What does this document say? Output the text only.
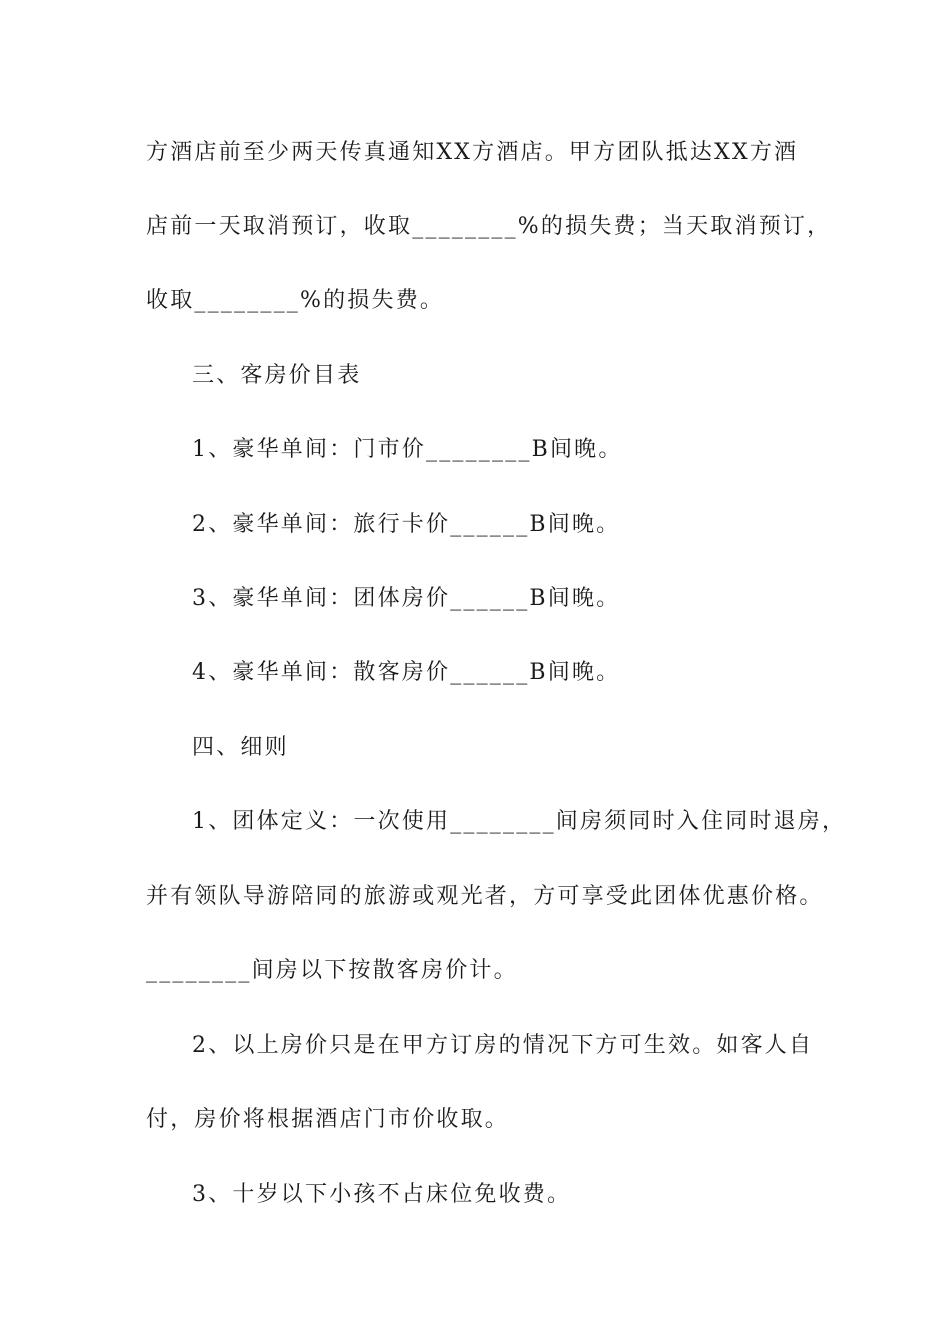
方酒店前至少两天传真通知XX方酒店。甲方团队抵达XX方酒
店前一天取消预订，收取________%的损失费；当天取消预订，
收取________%的损失费。
三、客房价目表
1、豪华单间：门市价________B间晚。
2、豪华单间：旅行卡价______B间晚。
3、豪华单间：团体房价______B间晚。
4、豪华单间：散客房价______B间晚。
四、细则
1、团体定义：一次使用________间房须同时入住同时退房，
并有领队导游陪同的旅游或观光者，方可享受此团体优惠价格。
________间房以下按散客房价计。
2、以上房价只是在甲方订房的情况下方可生效。如客人自
付，房价将根据酒店门市价收取。
3、十岁以下小孩不占床位免收费。
